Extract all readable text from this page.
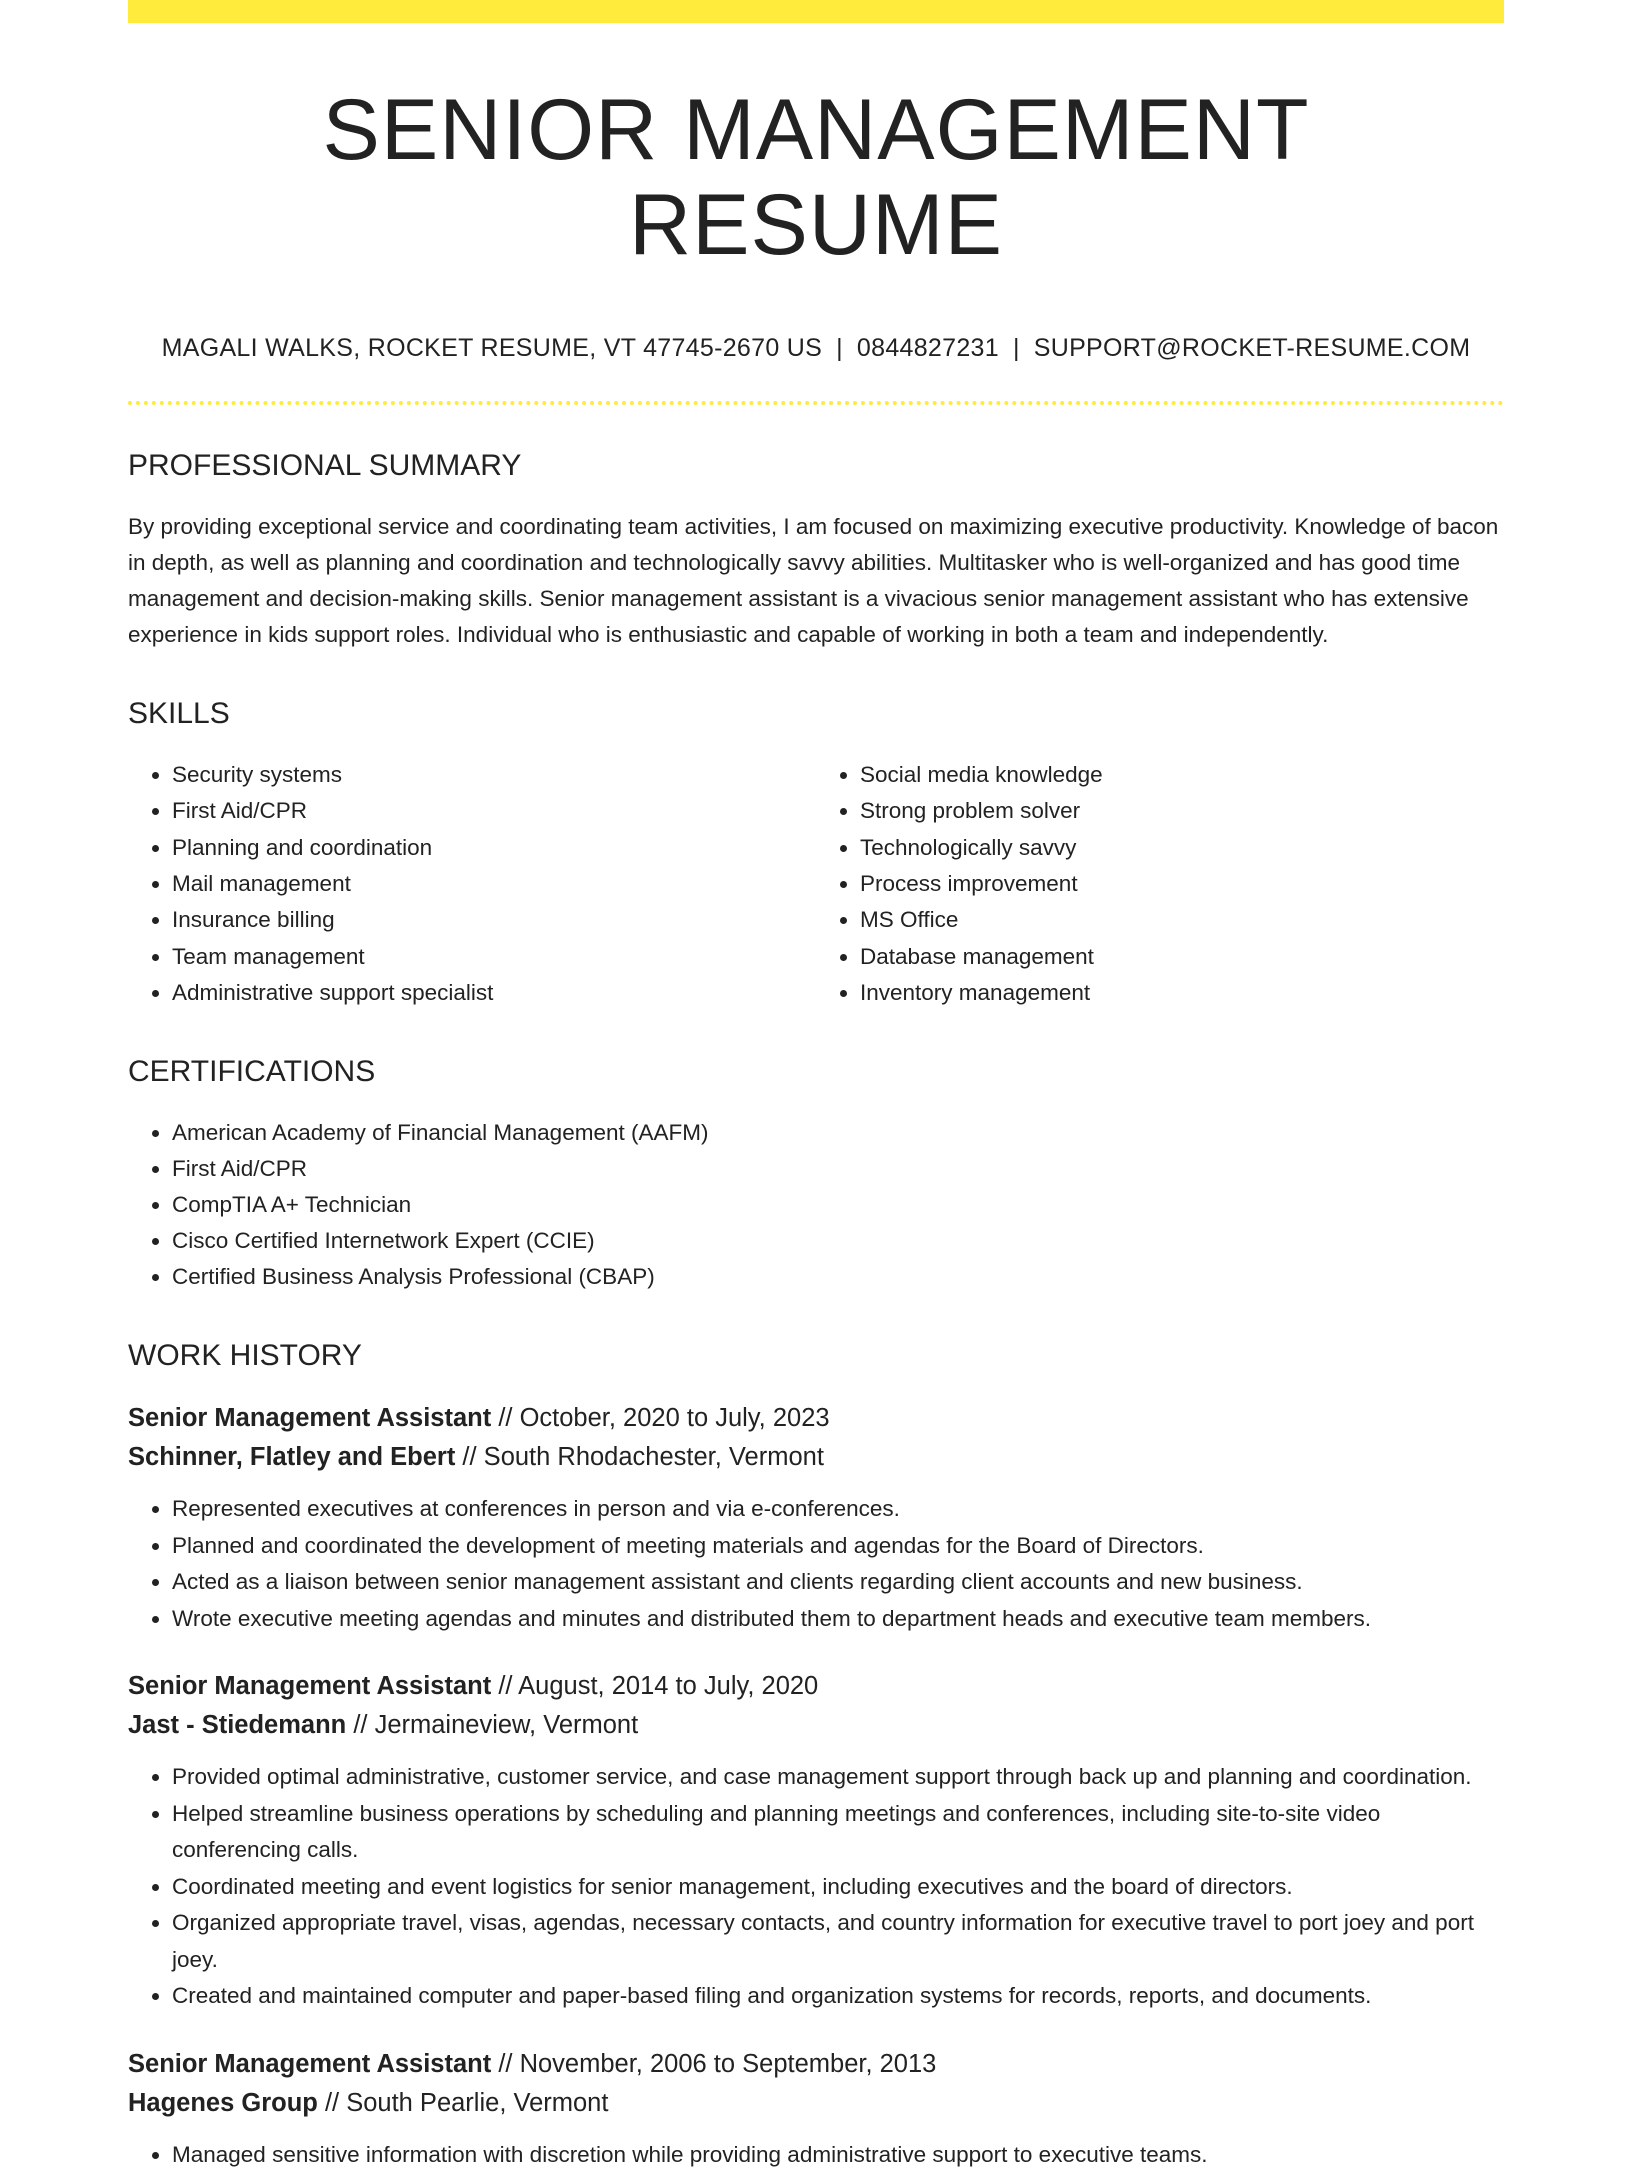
SENIOR MANAGEMENT RESUME
MAGALI WALKS, ROCKET RESUME, VT 47745-2670 US | 0844827231 | SUPPORT@ROCKET-RESUME.COM
PROFESSIONAL SUMMARY

By providing exceptional service and coordinating team activities, I am focused on maximizing executive productivity. Knowledge of bacon in depth, as well as planning and coordination and technologically savvy abilities. Multitasker who is well-organized and has good time management and decision-making skills. Senior management assistant is a vivacious senior management assistant who has extensive experience in kids support roles. Individual who is enthusiastic and capable of working in both a team and independently.

SKILLS
• Security systems
• First Aid/CPR
• Planning and coordination
• Mail management
• Insurance billing
• Team management
• Administrative support specialist
• Social media knowledge
• Strong problem solver
• Technologically savvy
• Process improvement
• MS Office
• Database management
• Inventory management
CERTIFICATIONS
• American Academy of Financial Management (AAFM)
• First Aid/CPR
• CompTIA A+ Technician
• Cisco Certified Internetwork Expert (CCIE)
• Certified Business Analysis Professional (CBAP)
WORK HISTORY
Senior Management Assistant // October, 2020 to July, 2023
Schinner, Flatley and Ebert // South Rhodachester, Vermont
• Represented executives at conferences in person and via e-conferences.
• Planned and coordinated the development of meeting materials and agendas for the Board of Directors.
• Acted as a liaison between senior management assistant and clients regarding client accounts and new business.
• Wrote executive meeting agendas and minutes and distributed them to department heads and executive team members.
Senior Management Assistant // August, 2014 to July, 2020
Jast - Stiedemann // Jermaineview, Vermont
• Provided optimal administrative, customer service, and case management support through back up and planning and coordination.
• Helped streamline business operations by scheduling and planning meetings and conferences, including site-to-site video conferencing calls.
• Coordinated meeting and event logistics for senior management, including executives and the board of directors.
• Organized appropriate travel, visas, agendas, necessary contacts, and country information for executive travel to port joey and port joey.
• Created and maintained computer and paper-based filing and organization systems for records, reports, and documents.
Senior Management Assistant // November, 2006 to September, 2013
Hagenes Group // South Pearlie, Vermont
• Managed sensitive information with discretion while providing administrative support to executive teams.
